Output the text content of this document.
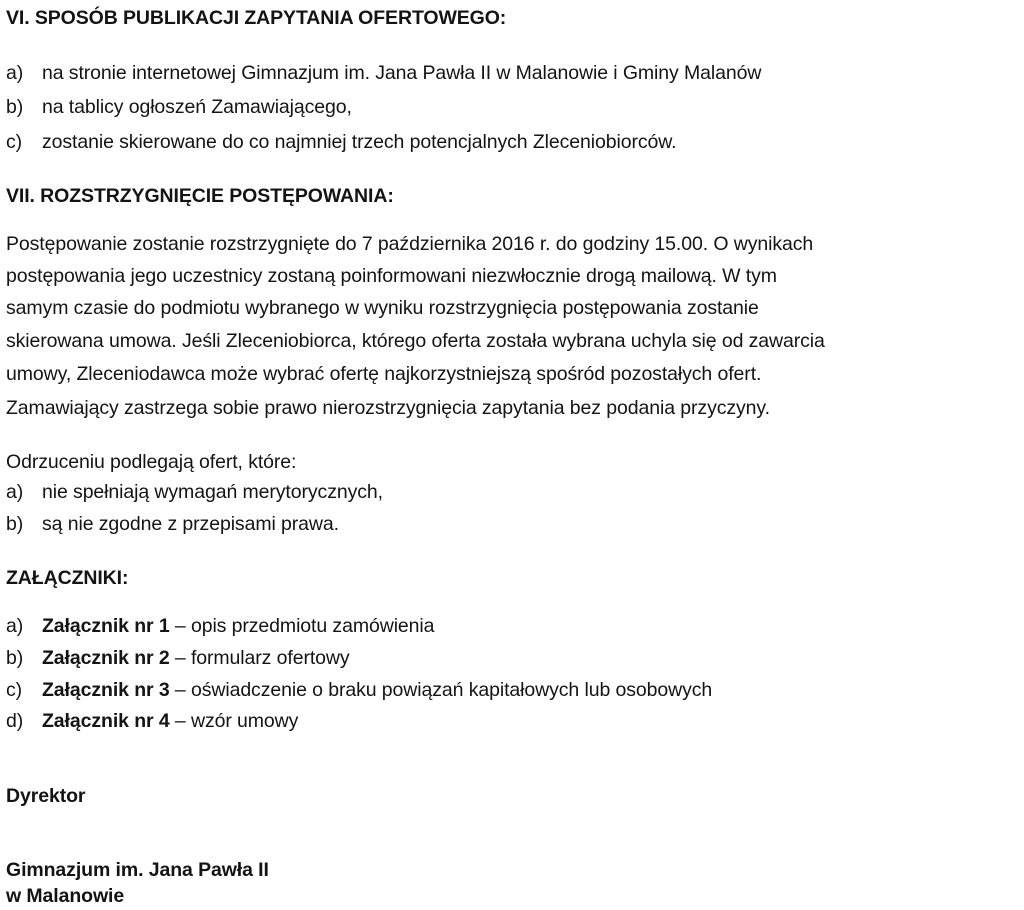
VI. SPOSÓB PUBLIKACJI ZAPYTANIA OFERTOWEGO:
a) na stronie internetowej Gimnazjum im. Jana Pawła II w Malanowie i Gminy Malanów
b) na tablicy ogłoszeń Zamawiającego,
c) zostanie skierowane do co najmniej trzech potencjalnych Zleceniobiorców.
VII. ROZSTRZYGNIĘCIE POSTĘPOWANIA:
Postępowanie zostanie rozstrzygnięte do 7 października 2016 r. do godziny 15.00. O wynikach
postępowania jego uczestnicy zostaną poinformowani niezwłocznie drogą mailową. W tym
samym czasie do podmiotu wybranego w wyniku rozstrzygnięcia postępowania zostanie
skierowana umowa. Jeśli Zleceniobiorca, którego oferta została wybrana uchyla się od zawarcia
umowy, Zleceniodawca może wybrać ofertę najkorzystniejszą spośród pozostałych ofert.
Zamawiający zastrzega sobie prawo nierozstrzygnięcia zapytania bez podania przyczyny.
Odrzuceniu podlegają ofert, które:
a) nie spełniają wymagań merytorycznych,
b) są nie zgodne z przepisami prawa.
ZAŁĄCZNIKI:
a) Załącznik nr 1 – opis przedmiotu zamówienia
b) Załącznik nr 2 – formularz ofertowy
c) Załącznik nr 3 – oświadczenie o braku powiązań kapitałowych lub osobowych
d) Załącznik nr 4 – wzór umowy
Dyrektor
Gimnazjum im. Jana Pawła II
w Malanowie
